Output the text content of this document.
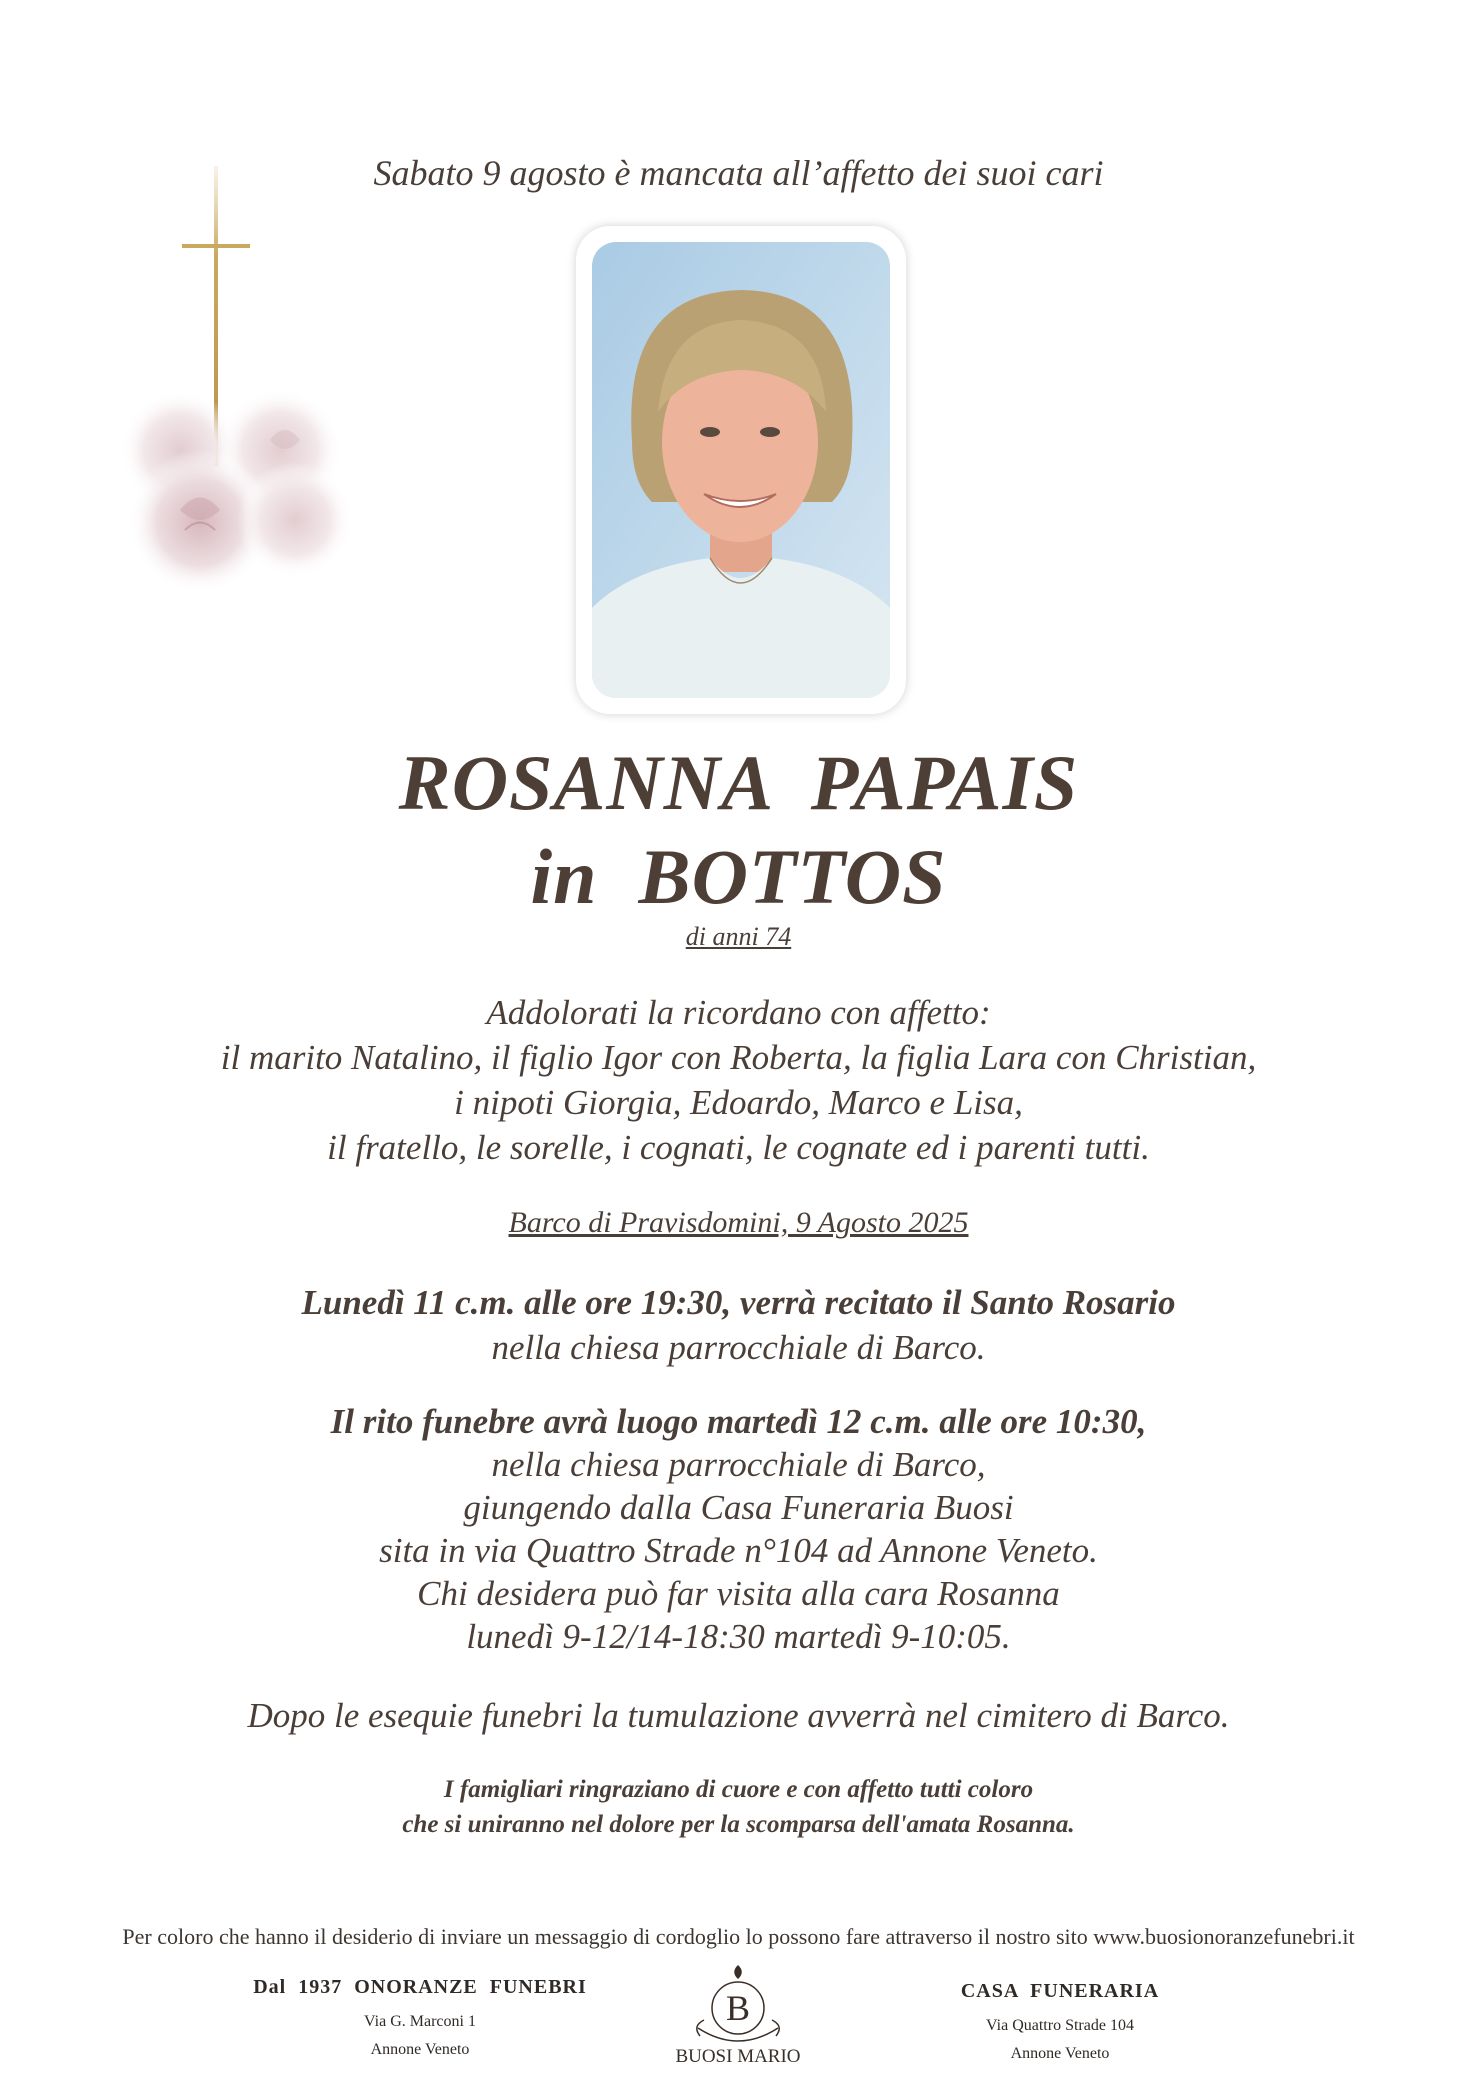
Sabato 9 agosto è mancata all’affetto dei suoi cari
ROSANNA  PAPAIS
in  BOTTOS
di anni 74
Addolorati la ricordano con affetto:
il marito Natalino, il figlio Igor con Roberta, la figlia Lara con Christian,
i nipoti Giorgia, Edoardo, Marco e Lisa,
il fratello, le sorelle, i cognati, le cognate ed i parenti tutti.
Barco di Pravisdomini, 9 Agosto 2025
Lunedì 11 c.m. alle ore 19:30, verrà recitato il Santo Rosario
nella chiesa parrocchiale di Barco.
Il rito funebre avrà luogo martedì 12 c.m. alle ore 10:30,
nella chiesa parrocchiale di Barco,
giungendo dalla Casa Funeraria Buosi
sita in via Quattro Strade n°104 ad Annone Veneto.
Chi desidera può far visita alla cara Rosanna
lunedì 9-12/14-18:30 martedì 9-10:05.
Dopo le esequie funebri la tumulazione avverrà nel cimitero di Barco.
I famigliari ringraziano di cuore e con affetto tutti coloro
che si uniranno nel dolore per la scomparsa dell'amata Rosanna.
Per coloro che hanno il desiderio di inviare un messaggio di cordoglio lo possono fare attraverso il nostro sito www.buosionoranzefunebri.it
Dal  1937  ONORANZE  FUNEBRI
Via G. Marconi 1
Annone Veneto
B
BUOSI MARIO
CASA  FUNERARIA
Via Quattro Strade 104
Annone Veneto
